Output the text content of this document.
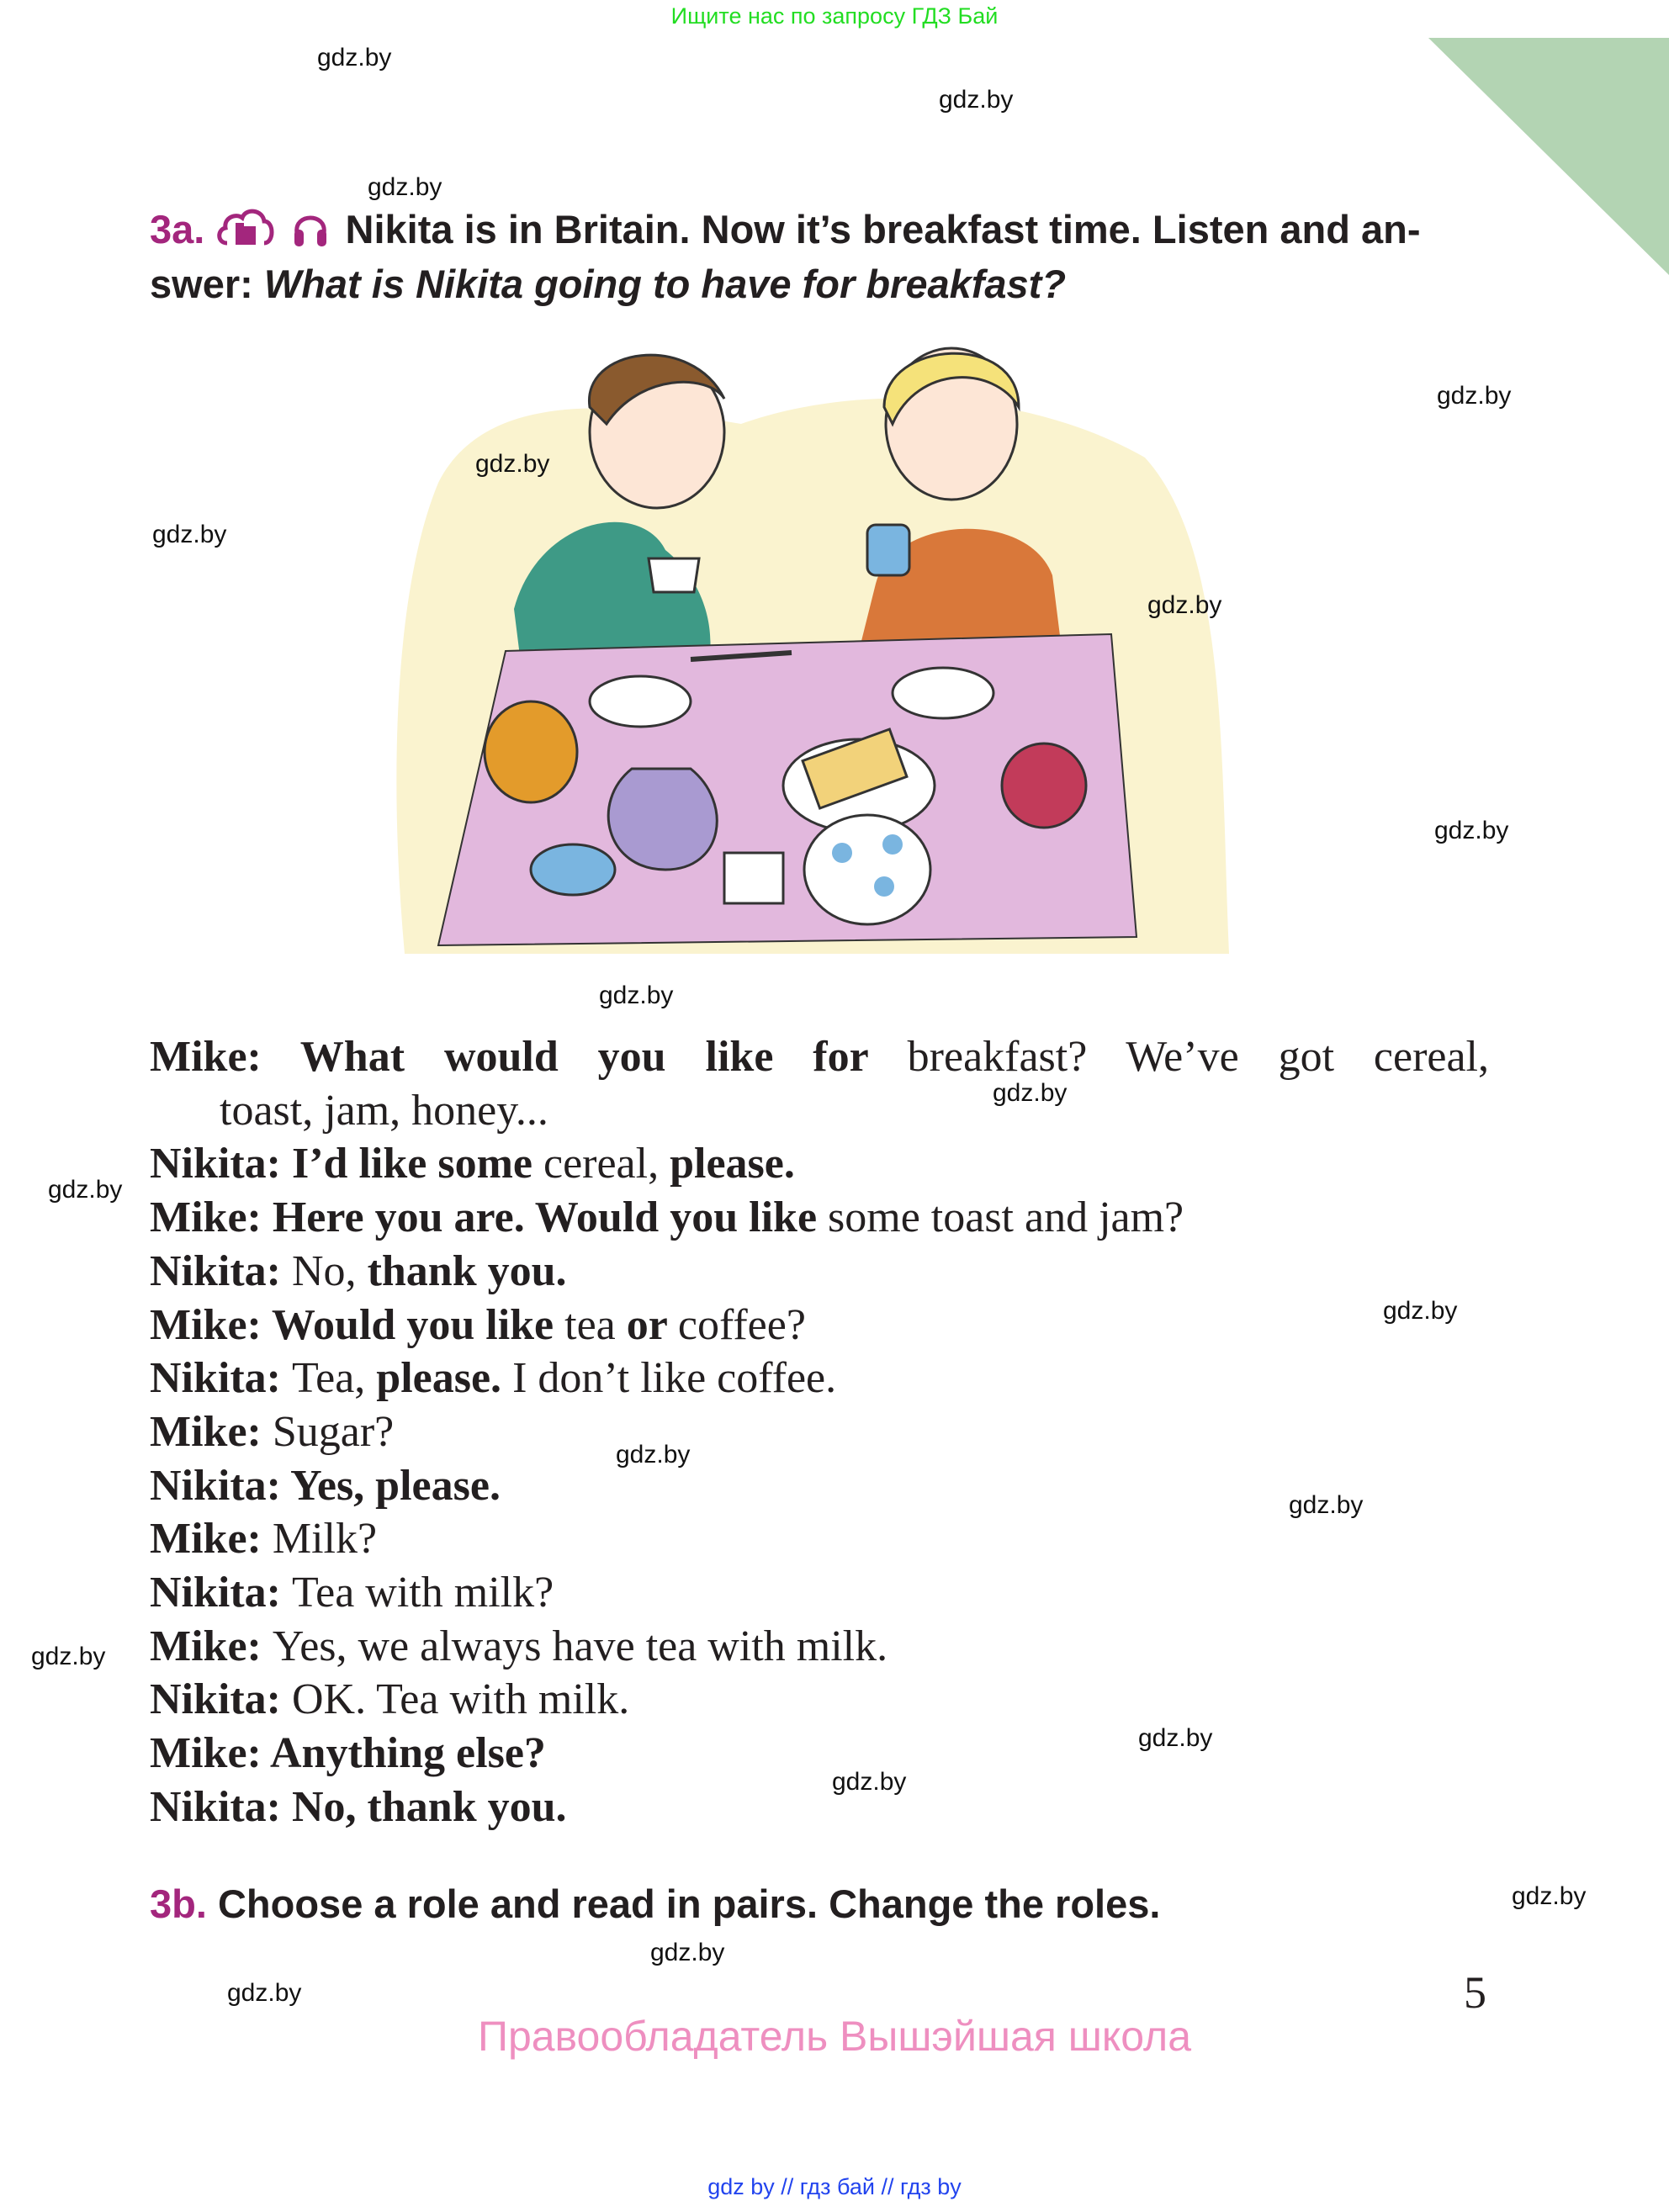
Ищите нас по запросу ГДЗ Бай
3a.	Nikita is in Britain. Now it’s breakfast time. Listen and an-
swer: What is Nikita going to have for breakfast?
Mike: What would you like for breakfast? We’ve got cereal,
toast, jam, honey...
Nikita: I’d like some cereal, please.
Mike: Here you are. Would you like some toast and jam?
Nikita: No, thank you.
Mike: Would you like tea or coffee?
Nikita: Tea, please. I don’t like coffee.
Mike: Sugar?
Nikita: Yes, please.
Mike: Milk?
Nikita: Tea with milk?
Mike: Yes, we always have tea with milk.
Nikita: OK. Tea with milk.
Mike: Anything else?
Nikita: No, thank you.
3b. Choose a role and read in pairs. Change the roles.
5
Правообладатель Вышэйшая школа
gdz by // гдз бай // гдз by
gdz.by
gdz.by
gdz.by
gdz.by
gdz.by
gdz.by
gdz.by
gdz.by
gdz.by
gdz.by
gdz.by
gdz.by
gdz.by
gdz.by
gdz.by
gdz.by
gdz.by
gdz.by
gdz.by
gdz.by
